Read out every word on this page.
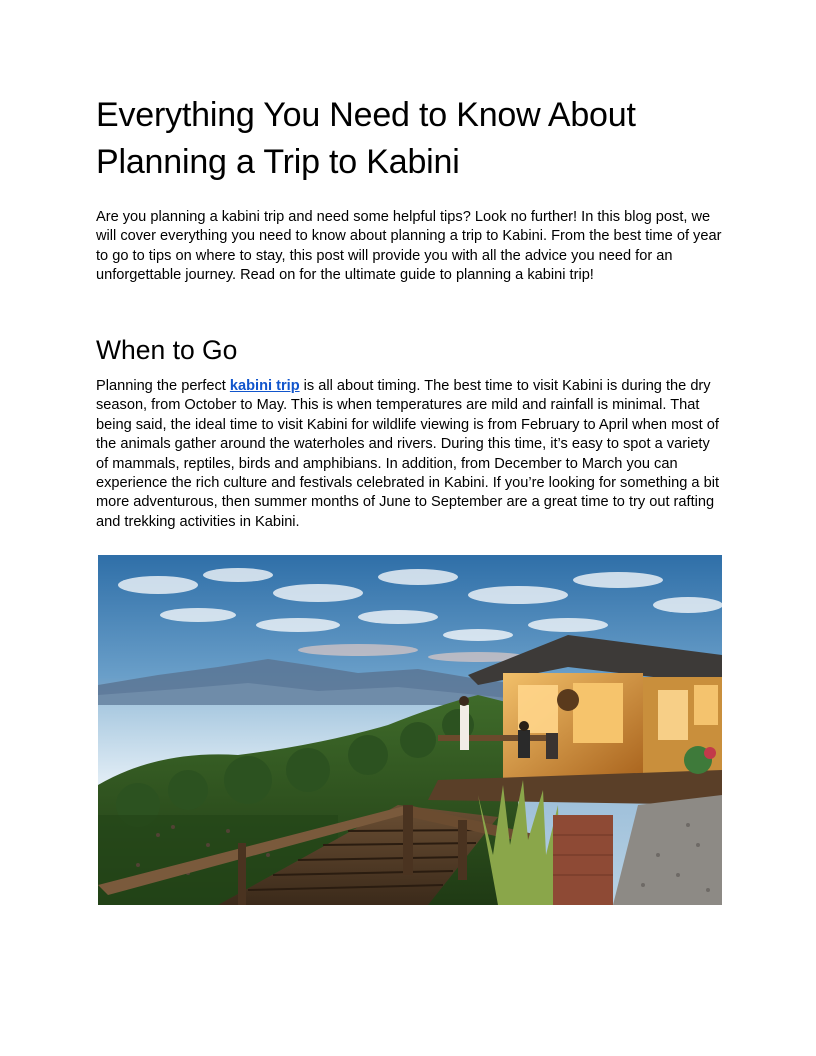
Everything You Need to Know About Planning a Trip to Kabini

Are you planning a kabini trip and need some helpful tips? Look no further! In this blog post, we will cover everything you need to know about planning a trip to Kabini. From the best time of year to go to tips on where to stay, this post will provide you with all the advice you need for an unforgettable journey. Read on for the ultimate guide to planning a kabini trip!

When to Go

Planning the perfect kabini trip is all about timing. The best time to visit Kabini is during the dry season, from October to May. This is when temperatures are mild and rainfall is minimal. That being said, the ideal time to visit Kabini for wildlife viewing is from February to April when most of the animals gather around the waterholes and rivers. During this time, it’s easy to spot a variety of mammals, reptiles, birds and amphibians. In addition, from December to March you can experience the rich culture and festivals celebrated in Kabini. If you’re looking for something a bit more adventurous, then summer months of June to September are a great time to try out rafting and trekking activities in Kabini.
